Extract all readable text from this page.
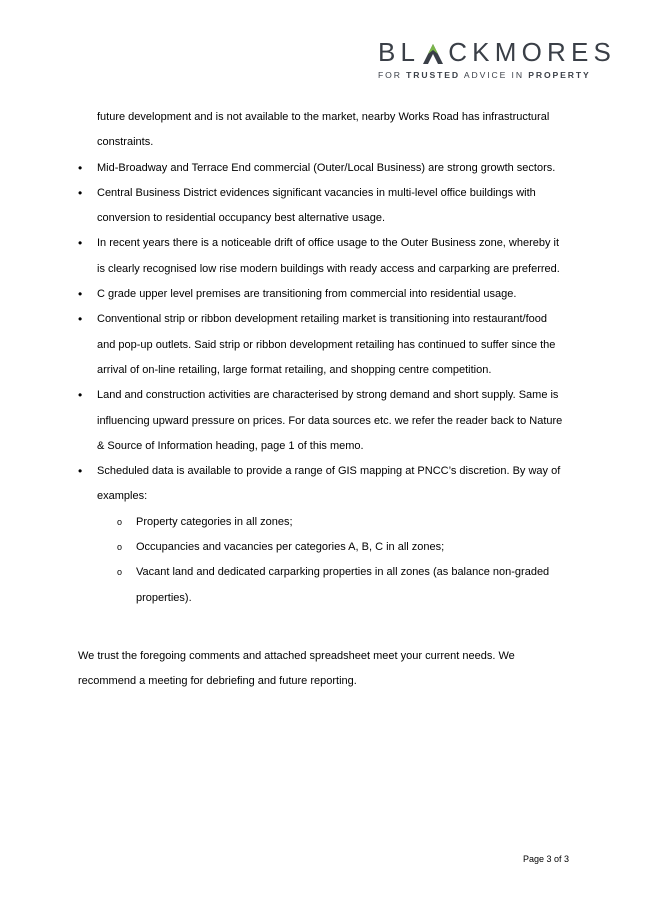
BL CKMORES
FOR TRUSTED ADVICE IN PROPERTY
future development and is not available to the market, nearby Works Road has infrastructural
constraints.
• Mid-Broadway and Terrace End commercial (Outer/Local Business) are strong growth sectors.
• Central Business District evidences significant vacancies in multi-level office buildings with conversion to residential occupancy best alternative usage.
• In recent years there is a noticeable drift of office usage to the Outer Business zone, whereby it is clearly recognised low rise modern buildings with ready access and carparking are preferred.
• C grade upper level premises are transitioning from commercial into residential usage.
• Conventional strip or ribbon development retailing market is transitioning into restaurant/food and pop-up outlets. Said strip or ribbon development retailing has continued to suffer since the arrival of on-line retailing, large format retailing, and shopping centre competition.
• Land and construction activities are characterised by strong demand and short supply. Same is influencing upward pressure on prices. For data sources etc. we refer the reader back to Nature & Source of Information heading, page 1 of this memo.
• Scheduled data is available to provide a range of GIS mapping at PNCC’s discretion. By way of examples:
o Property categories in all zones;
o Occupancies and vacancies per categories A, B, C in all zones;
o Vacant land and dedicated carparking properties in all zones (as balance non-graded properties).
We trust the foregoing comments and attached spreadsheet meet your current needs. We recommend a meeting for debriefing and future reporting.
Page 3 of 3
